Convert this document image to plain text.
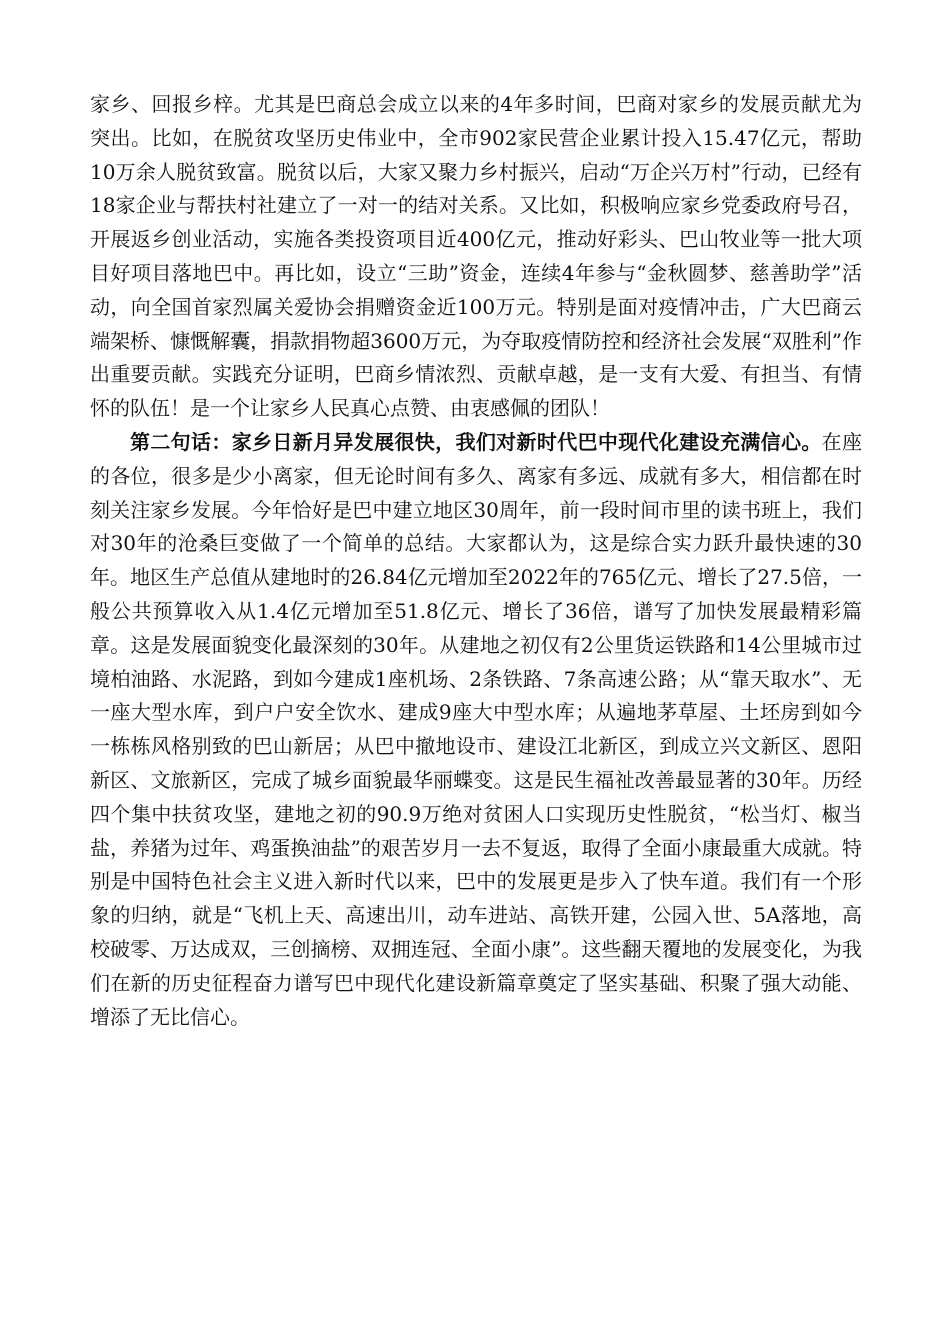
家乡、回报乡梓。尤其是巴商总会成立以来的4年多时间，巴商对家乡的发展贡献尤为突出。比如，在脱贫攻坚历史伟业中，全市902家民营企业累计投入15.47亿元，帮助10万余人脱贫致富。脱贫以后，大家又聚力乡村振兴，启动“万企兴万村”行动，已经有18家企业与帮扶村社建立了一对一的结对关系。又比如，积极响应家乡党委政府号召，开展返乡创业活动，实施各类投资项目近400亿元，推动好彩头、巴山牧业等一批大项目好项目落地巴中。再比如，设立“三助”资金，连续4年参与“金秋圆梦、慈善助学”活动，向全国首家烈属关爱协会捐赠资金近100万元。特别是面对疫情冲击，广大巴商云端架桥、慷慨解囊，捐款捐物超3600万元，为夺取疫情防控和经济社会发展“双胜利”作出重要贡献。实践充分证明，巴商乡情浓烈、贡献卓越，是一支有大爱、有担当、有情怀的队伍！是一个让家乡人民真心点赞、由衷感佩的团队！

第二句话：家乡日新月异发展很快，我们对新时代巴中现代化建设充满信心。在座的各位，很多是少小离家，但无论时间有多久、离家有多远、成就有多大，相信都在时刻关注家乡发展。今年恰好是巴中建立地区30周年，前一段时间市里的读书班上，我们对30年的沧桑巨变做了一个简单的总结。大家都认为，这是综合实力跃升最快速的30年。地区生产总值从建地时的26.84亿元增加至2022年的765亿元、增长了27.5倍，一般公共预算收入从1.4亿元增加至51.8亿元、增长了36倍，谱写了加快发展最精彩篇章。这是发展面貌变化最深刻的30年。从建地之初仅有2公里货运铁路和14公里城市过境柏油路、水泥路，到如今建成1座机场、2条铁路、7条高速公路；从“靠天取水”、无一座大型水库，到户户安全饮水、建成9座大中型水库；从遍地茅草屋、土坯房到如今一栋栋风格别致的巴山新居；从巴中撤地设市、建设江北新区，到成立兴文新区、恩阳新区、文旅新区，完成了城乡面貌最华丽蝶变。这是民生福祉改善最显著的30年。历经四个集中扶贫攻坚，建地之初的90.9万绝对贫困人口实现历史性脱贫，“松当灯、椒当盐，养猪为过年、鸡蛋换油盐”的艰苦岁月一去不复返，取得了全面小康最重大成就。特别是中国特色社会主义进入新时代以来，巴中的发展更是步入了快车道。我们有一个形象的归纳，就是“飞机上天、高速出川，动车进站、高铁开建，公园入世、5A落地，高校破零、万达成双，三创摘榜、双拥连冠、全面小康”。这些翻天覆地的发展变化，为我们在新的历史征程奋力谱写巴中现代化建设新篇章奠定了坚实基础、积聚了强大动能、增添了无比信心。
